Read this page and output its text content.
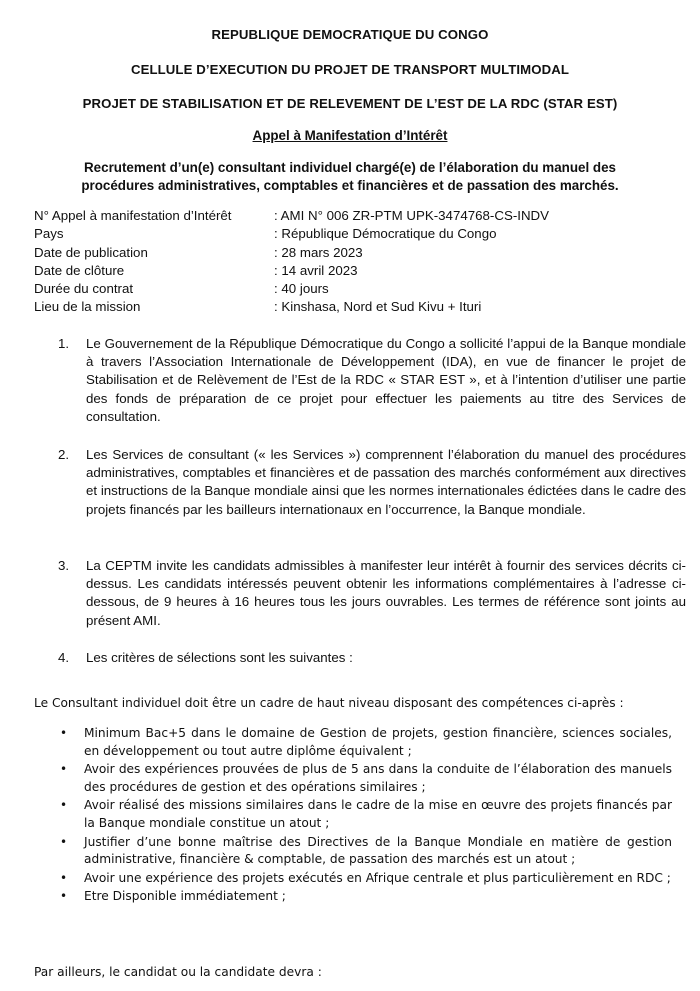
REPUBLIQUE DEMOCRATIQUE DU CONGO
CELLULE D’EXECUTION DU PROJET DE TRANSPORT MULTIMODAL
PROJET DE STABILISATION ET DE RELEVEMENT DE L’EST DE LA RDC (STAR EST)
Appel à Manifestation d’Intérêt
Recrutement d’un(e) consultant individuel chargé(e) de l’élaboration du manuel des
procédures administratives, comptables et financières et de passation des marchés.
N° Appel à manifestation d’Intérêt	: AMI N° 006 ZR-PTM UPK-3474768-CS-INDV
Pays	: République Démocratique du Congo
Date de publication	: 28 mars 2023
Date de clôture	: 14 avril 2023
Durée du contrat	: 40 jours
Lieu de la mission	: Kinshasa, Nord et Sud Kivu + Ituri
1. Le Gouvernement de la République Démocratique du Congo a sollicité l’appui de la Banque mondiale à travers l’Association Internationale de Développement (IDA), en vue de financer le projet de Stabilisation et de Relèvement de l’Est de la RDC « STAR EST », et à l’intention d’utiliser une partie des fonds de préparation de ce projet pour effectuer les paiements au titre des Services de consultation.
2. Les Services de consultant (« les Services ») comprennent l’élaboration du manuel des procédures administratives, comptables et financières et de passation des marchés conformément aux directives et instructions de la Banque mondiale ainsi que les normes internationales édictées dans le cadre des projets financés par les bailleurs internationaux en l’occurrence, la Banque mondiale.
3. La CEPTM invite les candidats admissibles à manifester leur intérêt à fournir des services décrits ci-dessus. Les candidats intéressés peuvent obtenir les informations complémentaires à l’adresse ci-dessous, de 9 heures à 16 heures tous les jours ouvrables. Les termes de référence sont joints au présent AMI.
4. Les critères de sélections sont les suivantes :
Le Consultant individuel doit être un cadre de haut niveau disposant des compétences ci-après :
• Minimum Bac+5 dans le domaine de Gestion de projets, gestion financière, sciences sociales, en développement ou tout autre diplôme équivalent ;
• Avoir des expériences prouvées de plus de 5 ans dans la conduite de l’élaboration des manuels des procédures de gestion et des opérations similaires ;
• Avoir réalisé des missions similaires dans le cadre de la mise en œuvre des projets financés par la Banque mondiale constitue un atout ;
• Justifier d’une bonne maîtrise des Directives de la Banque Mondiale en matière de gestion administrative, financière & comptable, de passation des marchés est un atout ;
• Avoir une expérience des projets exécutés en Afrique centrale et plus particulièrement en RDC ;
• Etre Disponible immédiatement ;
Par ailleurs, le candidat ou la candidate devra :
